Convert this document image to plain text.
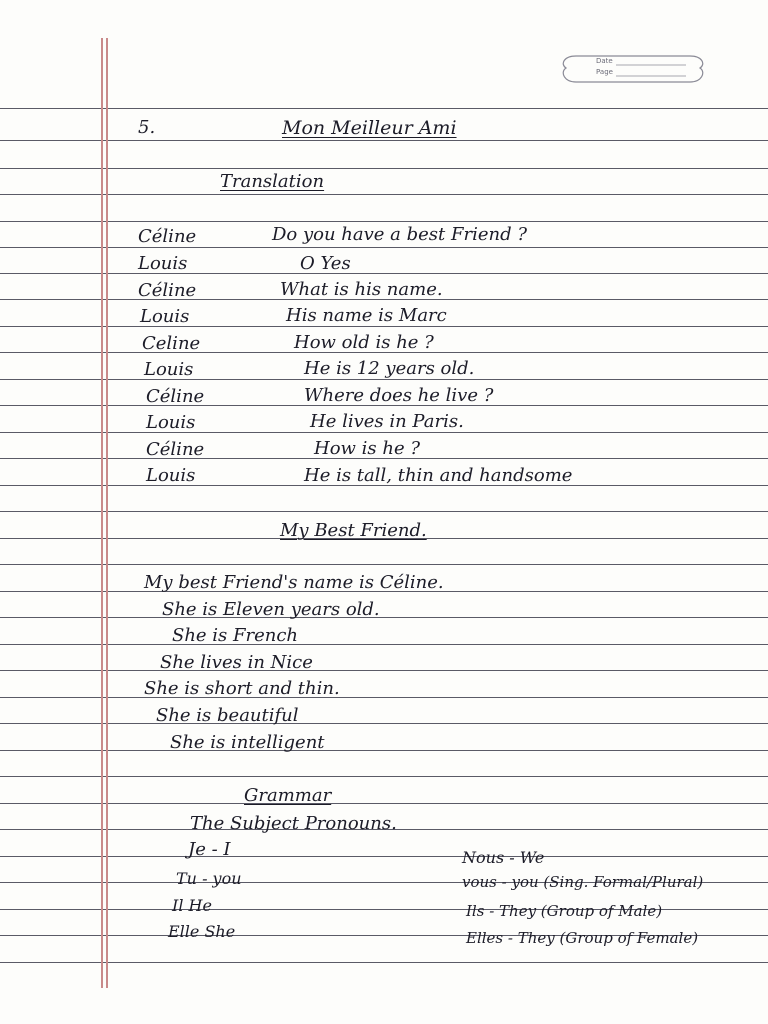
Date
Page
5.	Mon Meilleur Ami
Translation
Céline	Do you have a best Friend ?
Louis	O Yes
Céline	What is his name.
Louis	His name is Marc
Celine	How old is he ?
Louis	He is 12 years old.
Céline	Where does he live ?
Louis	He lives in Paris.
Céline	How is he ?
Louis	He is tall, thin and handsome
My Best Friend.
My best Friend's name is Céline.
She is Eleven years old.
She is French
She lives in Nice
She is short and thin.
She is beautiful
She is intelligent
Grammar
The Subject Pronouns.
Je - I	Nous - We
Tu - you	vous - you (Sing. Formal/Plural)
Il He	Ils - They (Group of Male)
Elle She	Elles - They (Group of Female)
